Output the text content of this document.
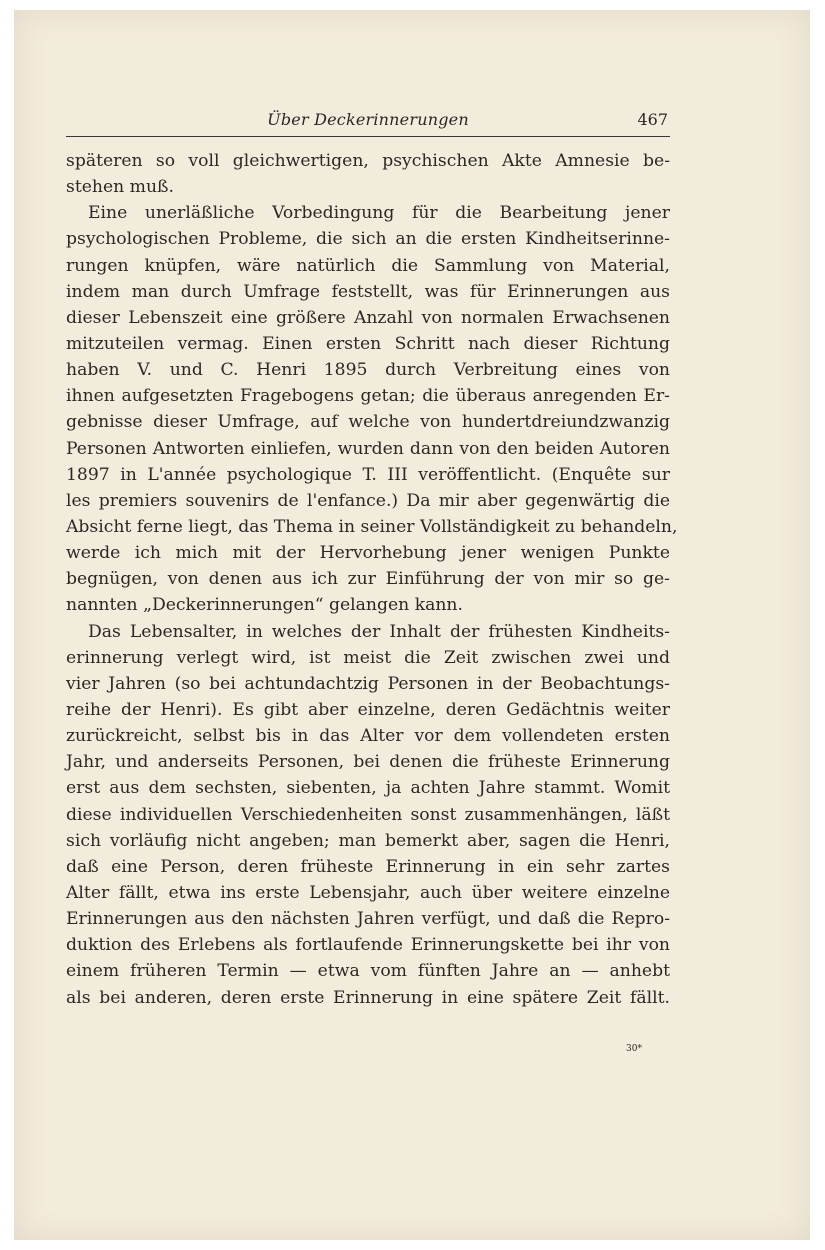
Über Deckerinnerungen	467
späteren so voll gleichwertigen, psychischen Akte Amnesie be-
stehen muß.
Eine unerläßliche Vorbedingung für die Bearbeitung jener
psychologischen Probleme, die sich an die ersten Kindheitserinne-
rungen knüpfen, wäre natürlich die Sammlung von Material,
indem man durch Umfrage feststellt, was für Erinnerungen aus
dieser Lebenszeit eine größere Anzahl von normalen Erwachsenen
mitzuteilen vermag. Einen ersten Schritt nach dieser Richtung
haben V. und C. Henri 1895 durch Verbreitung eines von
ihnen aufgesetzten Fragebogens getan; die überaus anregenden Er-
gebnisse dieser Umfrage, auf welche von hundertdreiundzwanzig
Personen Antworten einliefen, wurden dann von den beiden Autoren
1897 in L'année psychologique T. III veröffentlicht. (Enquête sur
les premiers souvenirs de l'enfance.) Da mir aber gegenwärtig die
Absicht ferne liegt, das Thema in seiner Vollständigkeit zu behandeln,
werde ich mich mit der Hervorhebung jener wenigen Punkte
begnügen, von denen aus ich zur Einführung der von mir so ge-
nannten „Deckerinnerungen“ gelangen kann.
Das Lebensalter, in welches der Inhalt der frühesten Kindheits-
erinnerung verlegt wird, ist meist die Zeit zwischen zwei und
vier Jahren (so bei achtundachtzig Personen in der Beobachtungs-
reihe der Henri). Es gibt aber einzelne, deren Gedächtnis weiter
zurückreicht, selbst bis in das Alter vor dem vollendeten ersten
Jahr, und anderseits Personen, bei denen die früheste Erinnerung
erst aus dem sechsten, siebenten, ja achten Jahre stammt. Womit
diese individuellen Verschiedenheiten sonst zusammenhängen, läßt
sich vorläufig nicht angeben; man bemerkt aber, sagen die Henri,
daß eine Person, deren früheste Erinnerung in ein sehr zartes
Alter fällt, etwa ins erste Lebensjahr, auch über weitere einzelne
Erinnerungen aus den nächsten Jahren verfügt, und daß die Repro-
duktion des Erlebens als fortlaufende Erinnerungskette bei ihr von
einem früheren Termin — etwa vom fünften Jahre an — anhebt
als bei anderen, deren erste Erinnerung in eine spätere Zeit fällt.
30*
